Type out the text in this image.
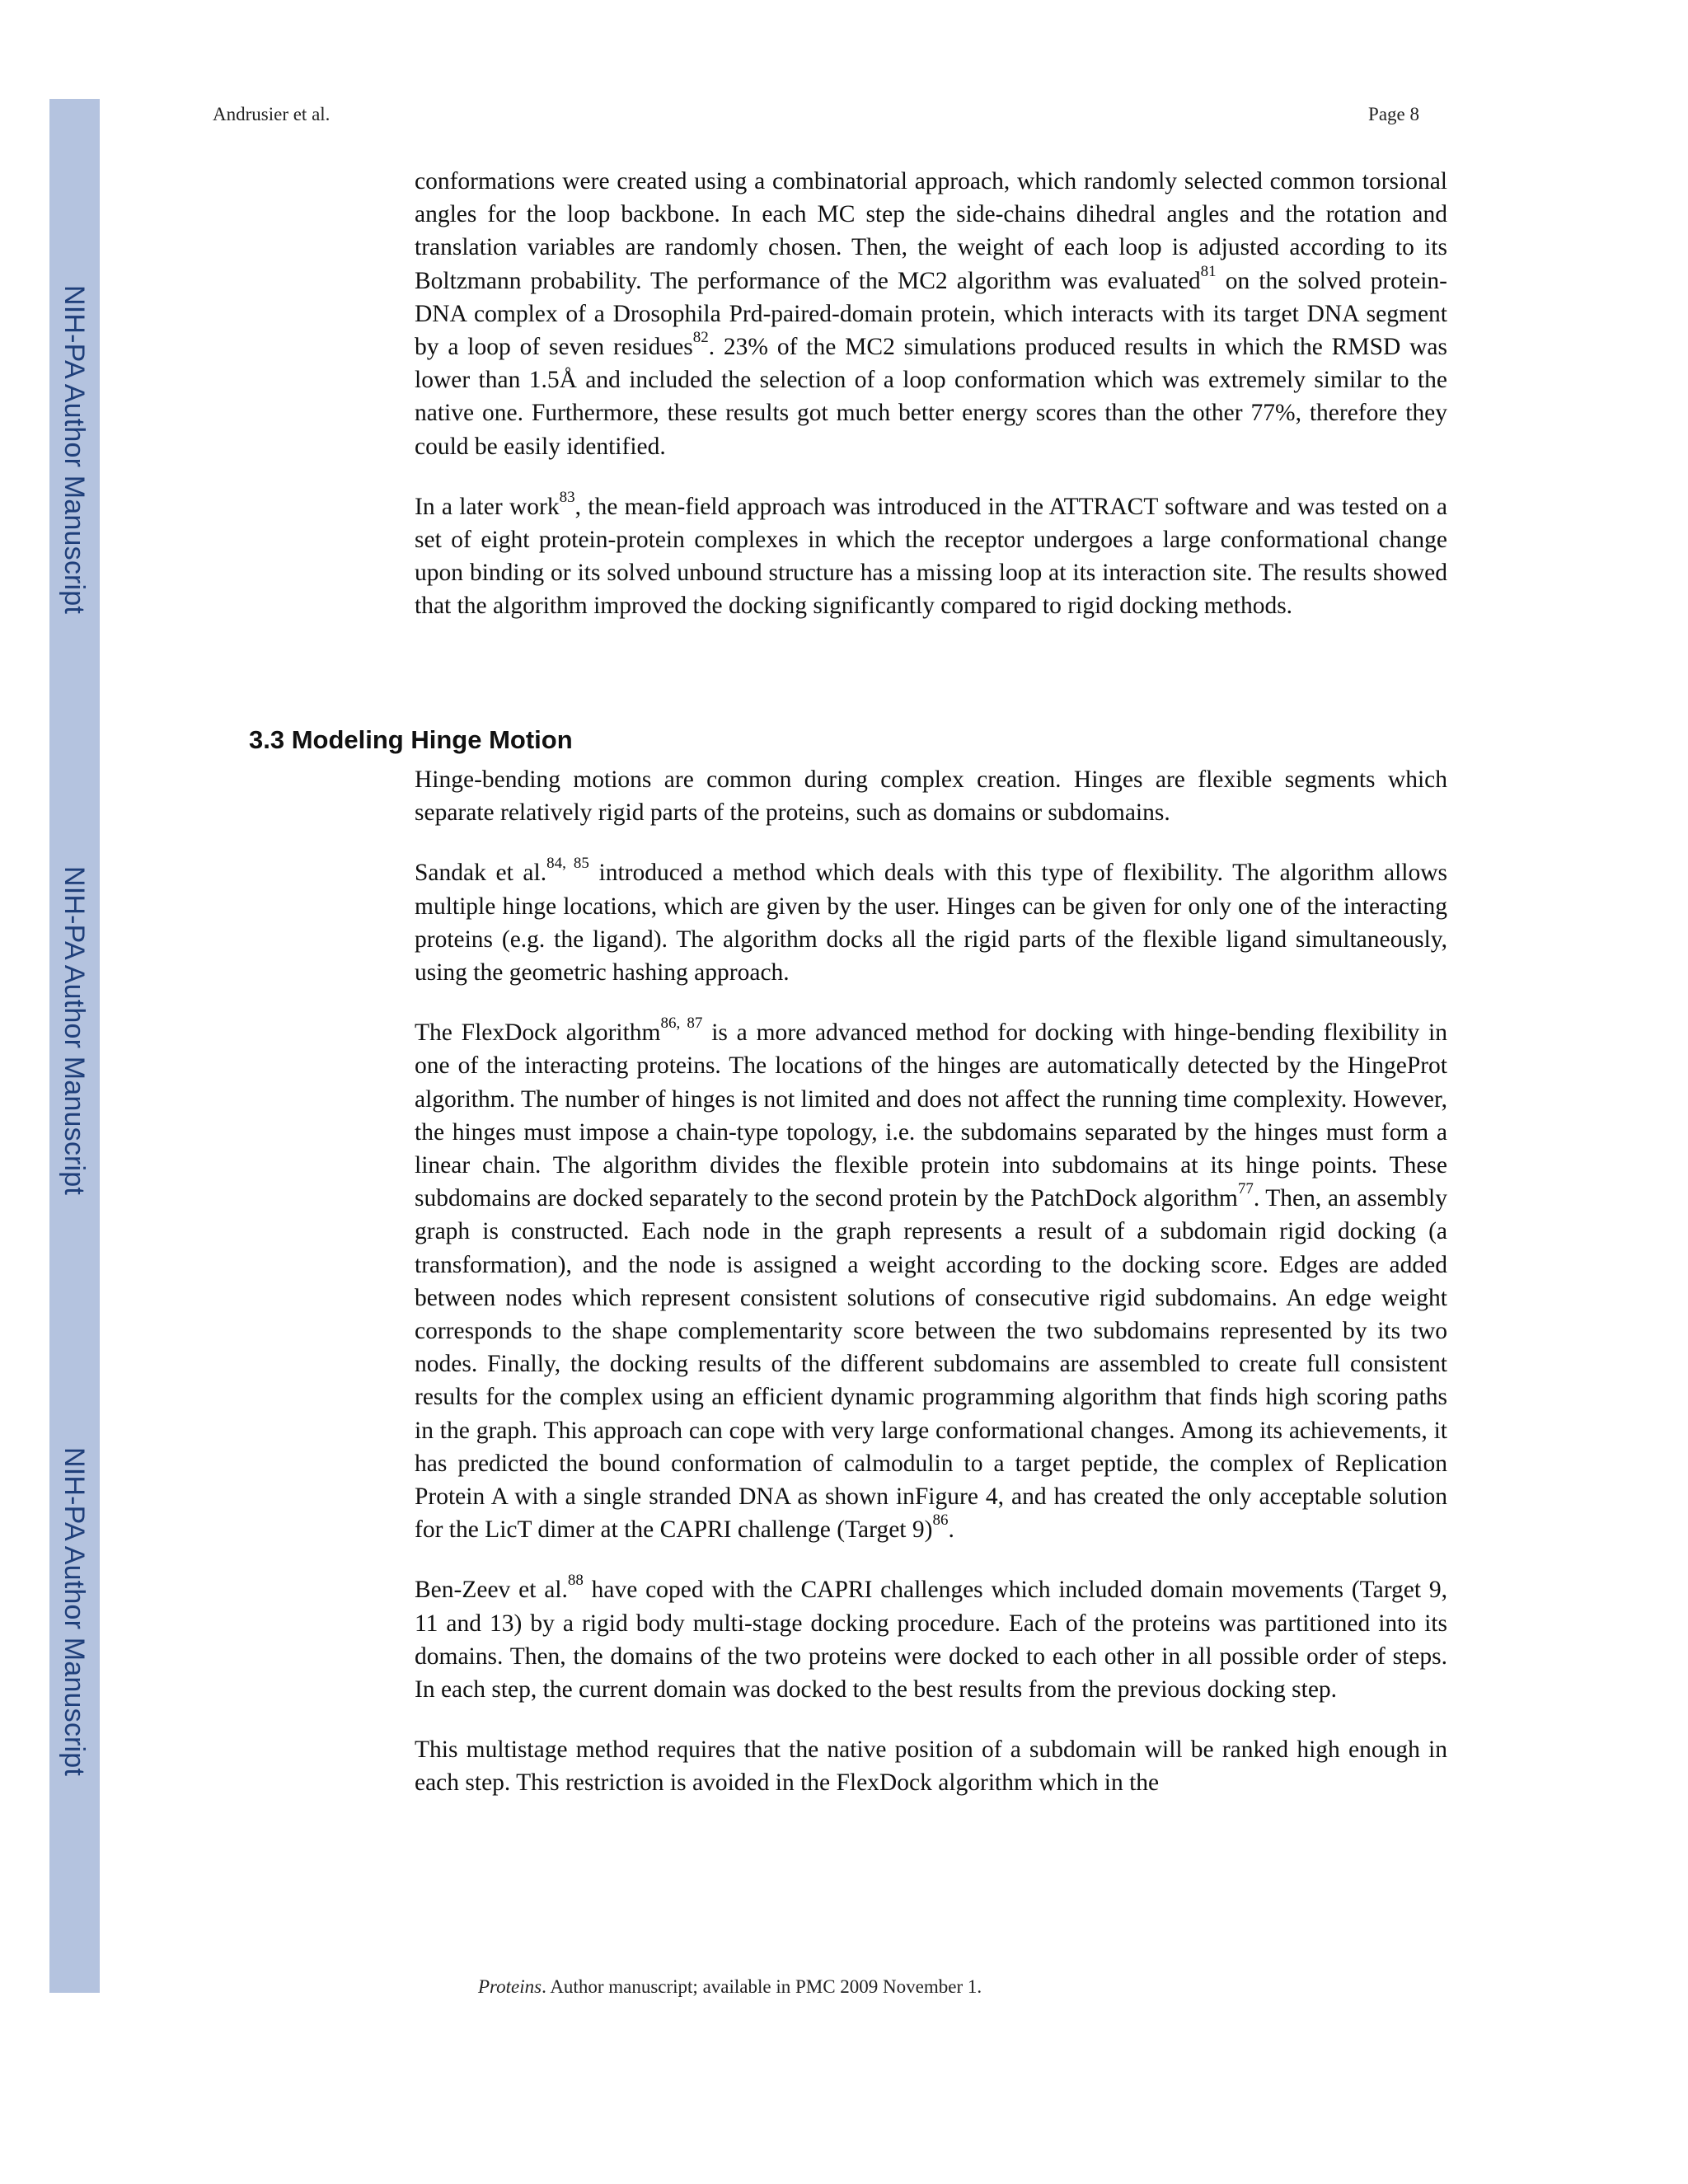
NIH-PA Author Manuscript
NIH-PA Author Manuscript
NIH-PA Author Manuscript
Andrusier et al.	Page 8

conformations were created using a combinatorial approach, which randomly selected common torsional angles for the loop backbone. In each MC step the side-chains dihedral angles and the rotation and translation variables are randomly chosen. Then, the weight of each loop is adjusted according to its Boltzmann probability. The performance of the MC2 algorithm was evaluated$^{81}$ on the solved protein-DNA complex of a Drosophila Prd-paired-domain protein, which interacts with its target DNA segment by a loop of seven residues$^{82}$. 23% of the MC2 simulations produced results in which the RMSD was lower than 1.5Å and included the selection of a loop conformation which was extremely similar to the native one. Furthermore, these results got much better energy scores than the other 77%, therefore they could be easily identified.

In a later work$^{83}$, the mean-field approach was introduced in the ATTRACT software and was tested on a set of eight protein-protein complexes in which the receptor undergoes a large conformational change upon binding or its solved unbound structure has a missing loop at its interaction site. The results showed that the algorithm improved the docking significantly compared to rigid docking methods.

3.3 Modeling Hinge Motion

Hinge-bending motions are common during complex creation. Hinges are flexible segments which separate relatively rigid parts of the proteins, such as domains or subdomains.

Sandak et al.$^{84, 85}$ introduced a method which deals with this type of flexibility. The algorithm allows multiple hinge locations, which are given by the user. Hinges can be given for only one of the interacting proteins (e.g. the ligand). The algorithm docks all the rigid parts of the flexible ligand simultaneously, using the geometric hashing approach.

The FlexDock algorithm$^{86, 87}$ is a more advanced method for docking with hinge-bending flexibility in one of the interacting proteins. The locations of the hinges are automatically detected by the HingeProt algorithm. The number of hinges is not limited and does not affect the running time complexity. However, the hinges must impose a chain-type topology, i.e. the subdomains separated by the hinges must form a linear chain. The algorithm divides the flexible protein into subdomains at its hinge points. These subdomains are docked separately to the second protein by the PatchDock algorithm$^{77}$. Then, an assembly graph is constructed. Each node in the graph represents a result of a subdomain rigid docking (a transformation), and the node is assigned a weight according to the docking score. Edges are added between nodes which represent consistent solutions of consecutive rigid subdomains. An edge weight corresponds to the shape complementarity score between the two subdomains represented by its two nodes. Finally, the docking results of the different subdomains are assembled to create full consistent results for the complex using an efficient dynamic programming algorithm that finds high scoring paths in the graph. This approach can cope with very large conformational changes. Among its achievements, it has predicted the bound conformation of calmodulin to a target peptide, the complex of Replication Protein A with a single stranded DNA as shown inFigure 4, and has created the only acceptable solution for the LicT dimer at the CAPRI challenge (Target 9)$^{86}$.

Ben-Zeev et al.$^{88}$ have coped with the CAPRI challenges which included domain movements (Target 9, 11 and 13) by a rigid body multi-stage docking procedure. Each of the proteins was partitioned into its domains. Then, the domains of the two proteins were docked to each other in all possible order of steps. In each step, the current domain was docked to the best results from the previous docking step.

This multistage method requires that the native position of a subdomain will be ranked high enough in each step. This restriction is avoided in the FlexDock algorithm which in the

Proteins. Author manuscript; available in PMC 2009 November 1.
